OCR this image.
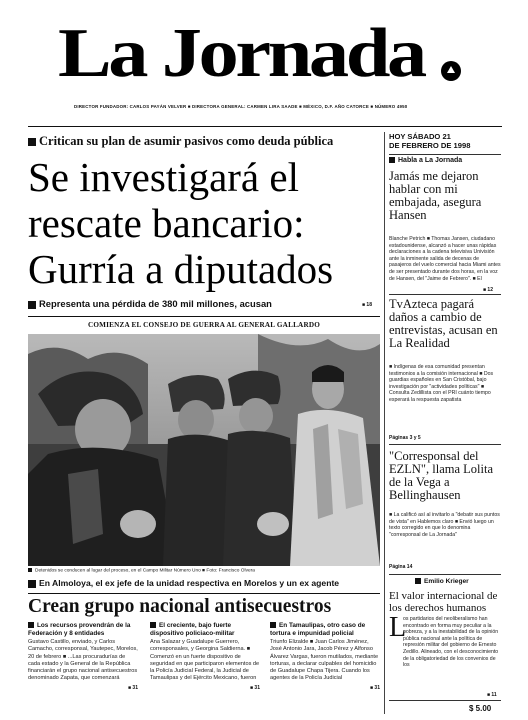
La Jornada
DIRECTOR FUNDADOR: CARLOS PAYÁN VELVER ■ DIRECTORA GENERAL: CARMEN LIRA SAADE ■ MÉXICO, D.F. AÑO CATORCE ■ NÚMERO 4950
Critican su plan de asumir pasivos como deuda pública
Se investigará el
rescate bancario:
Gurría a diputados
Representa una pérdida de 380 mil millones, acusan	■ 18
COMIENZA EL CONSEJO DE GUERRA AL GENERAL GALLARDO
Detenidos se conducen al lugar del proceso, en el Campo Militar Número Uno ■ Foto: Francisco Olvera
En Almoloya, el ex jefe de la unidad respectiva en Morelos y un ex agente
Crean grupo nacional antisecuestros
Los recursos provendrán de la Federación y 8 entidades
Gustavo Castillo, enviado, y Carlos Camacho, corresponsal, Yautepec, Morelos, 20 de febrero ■ ...Las procuradurías de cada estado y la General de la República financiarán el grupo nacional antisecuestros denominado Zapata, que comenzará
■ 31
El creciente, bajo fuerte dispositivo policiaco-militar
Ana Salazar y Guadalupe Guerrero, corresponsales, y Georgina Saldierna. ■ Comenzó en un fuerte dispositivo de seguridad en que participaron elementos de la Policía Judicial Federal, la Judicial de Tamaulipas y del Ejército Mexicano, fueron
■ 31
En Tamaulipas, otro caso de tortura e impunidad policial
Triunfo Elizalde ■ Juan Carlos Jiménez, José Antonio Jara, Jacob Pérez y Alfonso Álvarez Vargas, fueron mutilados, mediante torturas, a declarar culpables del homicidio de Guadalupe Chapa Tijera. Cuando los agentes de la Policía Judicial
■ 31
HOY SÁBADO 21
DE FEBRERO DE 1998
Habla a La Jornada
Jamás me dejaron hablar con mi embajada, asegura Hansen
Blanche Petrich ■ Thomas Jansen, ciudadano estadounidense, alcanzó a hacer unas rápidas declaraciones a la cadena televisiva Univisión ante la inminente salida de decenas de pasajeros del vuelo comercial hacia Miami antes de ser presentado durante dos horas, en la voz de Hansen, del "Jaime de Febrero". ■ El
■ 12
TvAzteca pagará daños a cambio de entrevistas, acusan en La Realidad
■ Indígenas de esa comunidad presentan testimonios a la comisión internacional ■ Dos guardias españoles en San Cristóbal, bajo investigación por "actividades políticas" ■ Consulta Zedillista con el PRI cuánto tiempo esperará la respuesta zapatista
Páginas 3 y 5
"Corresponsal del EZLN", llama Lolita de la Vega a Bellinghausen
■ La calificó así al invitarlo a "debatir sus puntos de vista" en Hablemos claro ■ Envió luego un texto corregido en que lo denomina "corresponsal de La Jornada"
Página 14
Emilio Krieger
El valor internacional de los derechos humanos
L
os partidarios del neoliberalismo han encontrado en forma muy peculiar a la pobreza, y a la inestabilidad de la opinión pública nacional ante la política de represión militar del gobierno de Ernesto Zedillo. Alineado, con el desconocimiento de la obligatoriedad de los convenios de los
■ 11
$ 5.00
